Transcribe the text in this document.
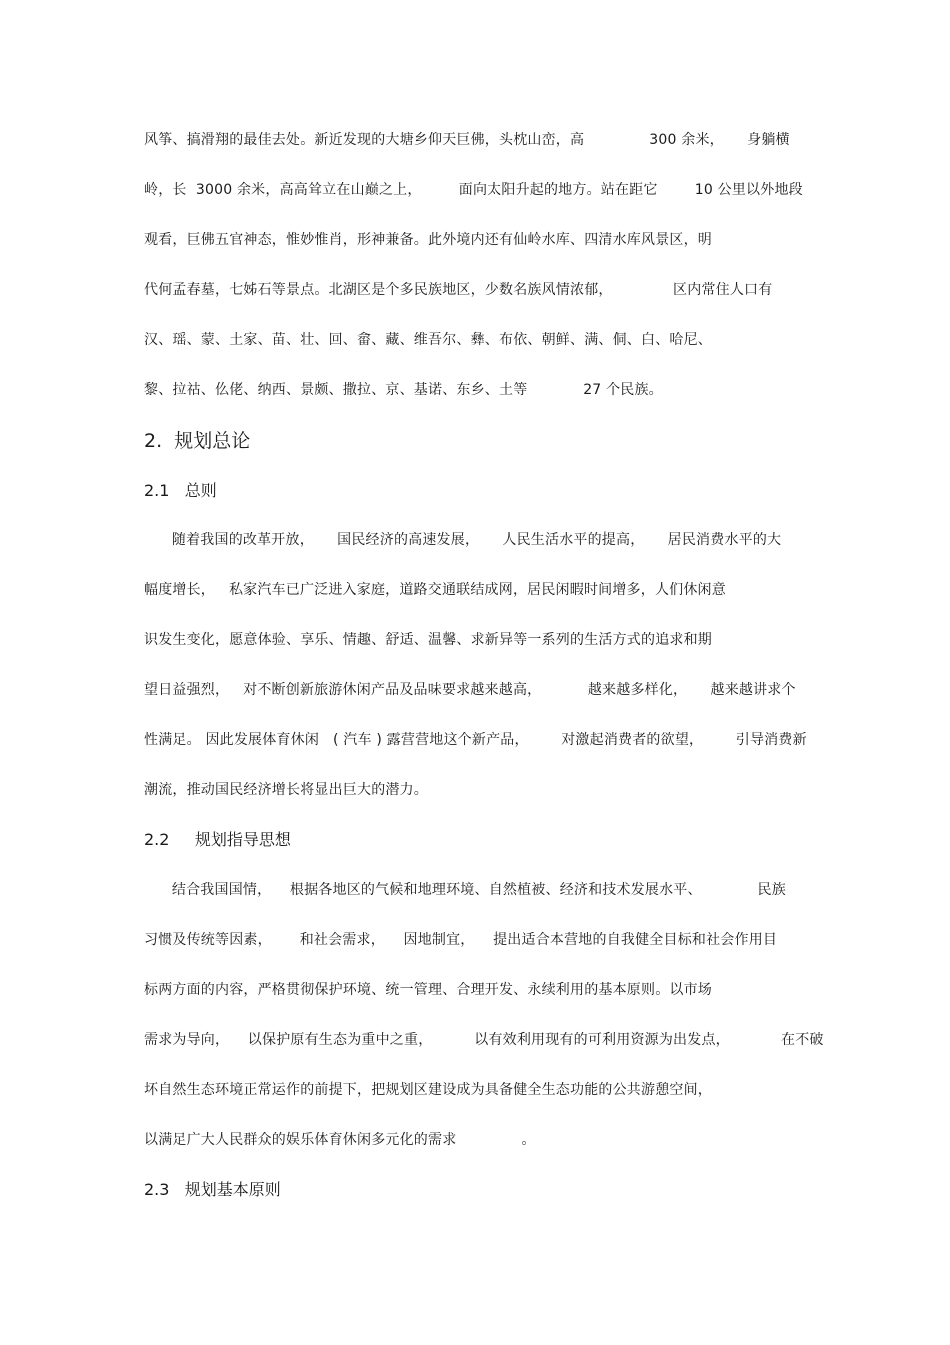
风筝、搞滑翔的最佳去处。新近发现的大塘乡仰天巨佛，头枕山峦，高              300 余米，     身躺横
岭，长  3000 余米，高高耸立在山巅之上，        面向太阳升起的地方。站在距它        10 公里以外地段
观看，巨佛五官神态，惟妙惟肖，形神兼备。此外境内还有仙岭水库、四清水库风景区，明
代何孟春墓，七姊石等景点。北湖区是个多民族地区，少数名族风情浓郁，             区内常住人口有
汉、瑶、蒙、土家、苗、壮、回、畲、藏、维吾尔、彝、布依、朝鲜、满、侗、白、哈尼、
黎、拉祜、仫佬、纳西、景颇、撒拉、京、基诺、东乡、土等            27 个民族。
2.  规划总论
2.1   总则
随着我国的改革开放，     国民经济的高速发展，     人民生活水平的提高，     居民消费水平的大
幅度增长，   私家汽车已广泛进入家庭，道路交通联结成网，居民闲暇时间增多，人们休闲意
识发生变化，愿意体验、享乐、情趣、舒适、温馨、求新异等一系列的生活方式的追求和期
望日益强烈，   对不断创新旅游休闲产品及品味要求越来越高，          越来越多样化，     越来越讲求个
性满足。 因此发展体育休闲   ( 汽车 ) 露营营地这个新产品，       对激起消费者的欲望，       引导消费新
潮流，推动国民经济增长将显出巨大的潜力。
2.2     规划指导思想
结合我国国情，    根据各地区的气候和地理环境、自然植被、经济和技术发展水平、            民族
习惯及传统等因素，      和社会需求，    因地制宜，    提出适合本营地的自我健全目标和社会作用目
标两方面的内容，严格贯彻保护环境、统一管理、合理开发、永续利用的基本原则。以市场
需求为导向，    以保护原有生态为重中之重，         以有效利用现有的可利用资源为出发点，           在不破
坏自然生态环境正常运作的前提下，把规划区建设成为具备健全生态功能的公共游憩空间，
以满足广大人民群众的娱乐体育休闲多元化的需求              。
2.3   规划基本原则
